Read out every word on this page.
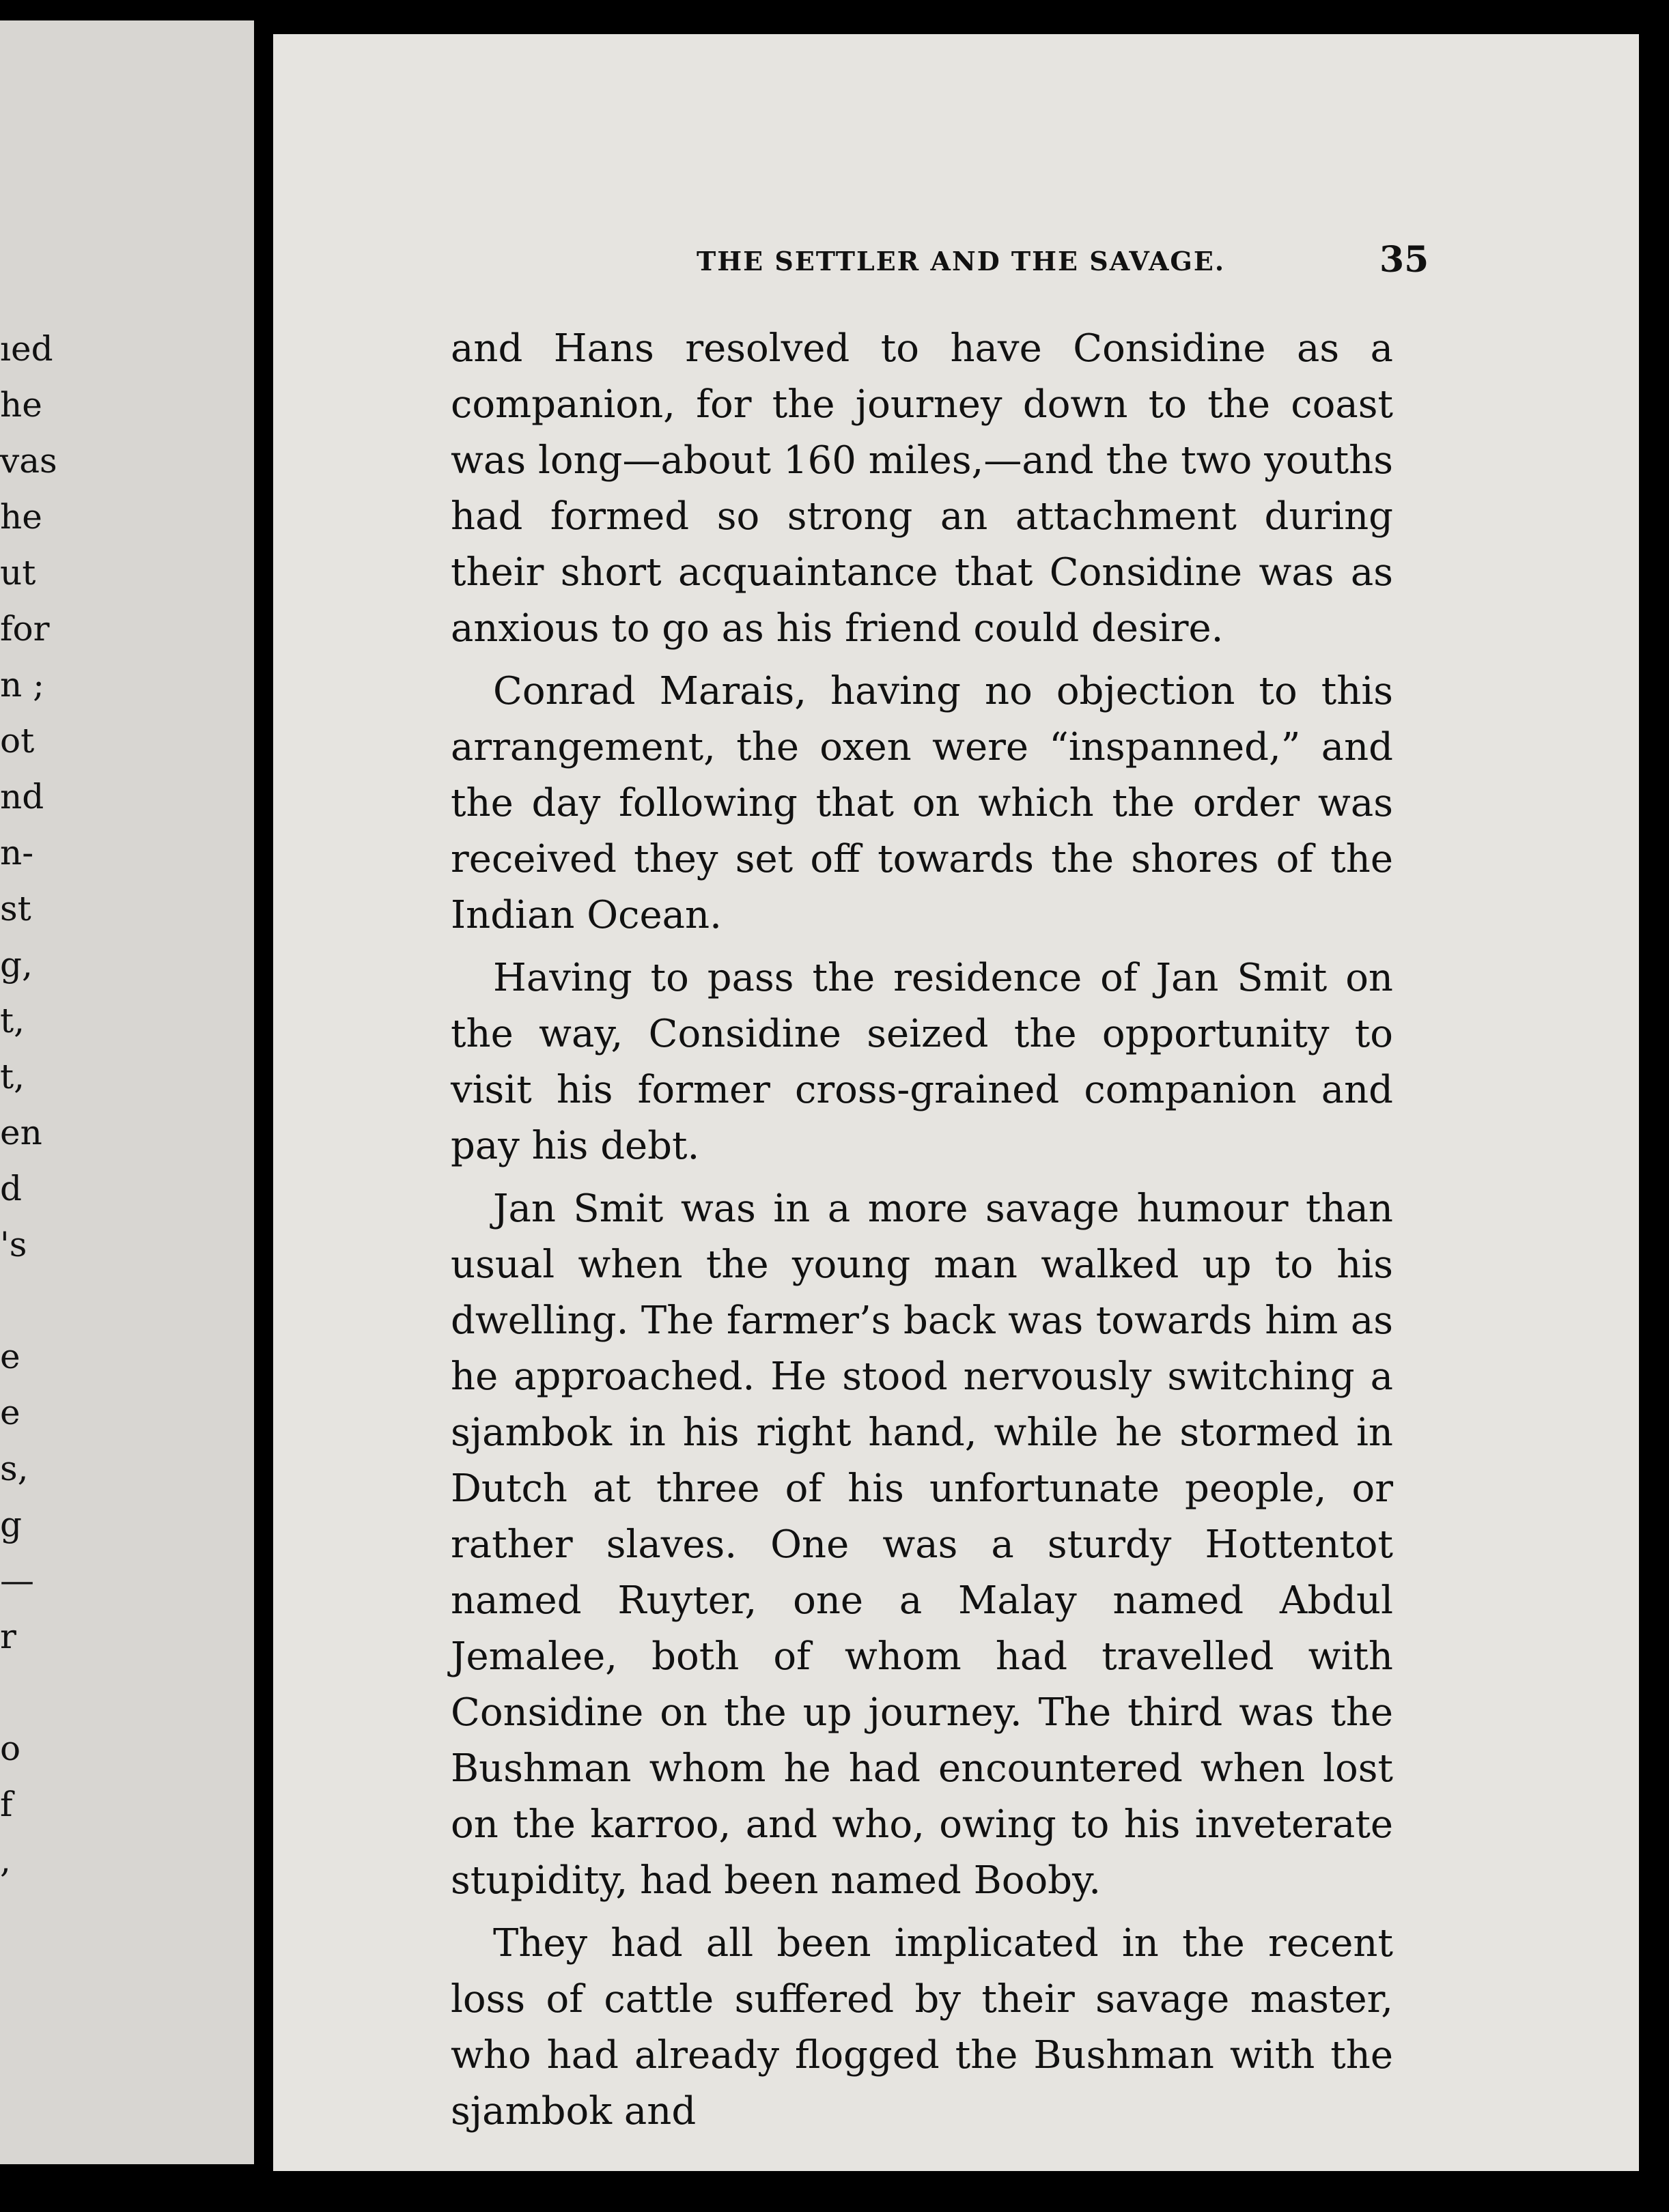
ıed
he
vas
he
ut
for
n ;
ot
nd
n-
st
g,
t,
t,
en
d
's
e
e
s,
g
—
r
o
f
,
THE SETTLER AND THE SAVAGE.	35

and Hans resolved to have Considine as a companion, for the journey down to the coast was long—about 160 miles,—and the two youths had formed so strong an attachment during their short acquaintance that Considine was as anxious to go as his friend could desire.

Conrad Marais, having no objection to this arrangement, the oxen were “inspanned,” and the day following that on which the order was received they set off towards the shores of the Indian Ocean.

Having to pass the residence of Jan Smit on the way, Considine seized the opportunity to visit his former cross-grained companion and pay his debt.

Jan Smit was in a more savage humour than usual when the young man walked up to his dwelling. The farmer’s back was towards him as he approached. He stood nervously switching a sjambok in his right hand, while he stormed in Dutch at three of his unfortunate people, or rather slaves. One was a sturdy Hottentot named Ruyter, one a Malay named Abdul Jemalee, both of whom had travelled with Considine on the up journey. The third was the Bushman whom he had encountered when lost on the karroo, and who, owing to his inveterate stupidity, had been named Booby.

They had all been implicated in the recent loss of cattle suffered by their savage master, who had already flogged the Bushman with the sjambok and
